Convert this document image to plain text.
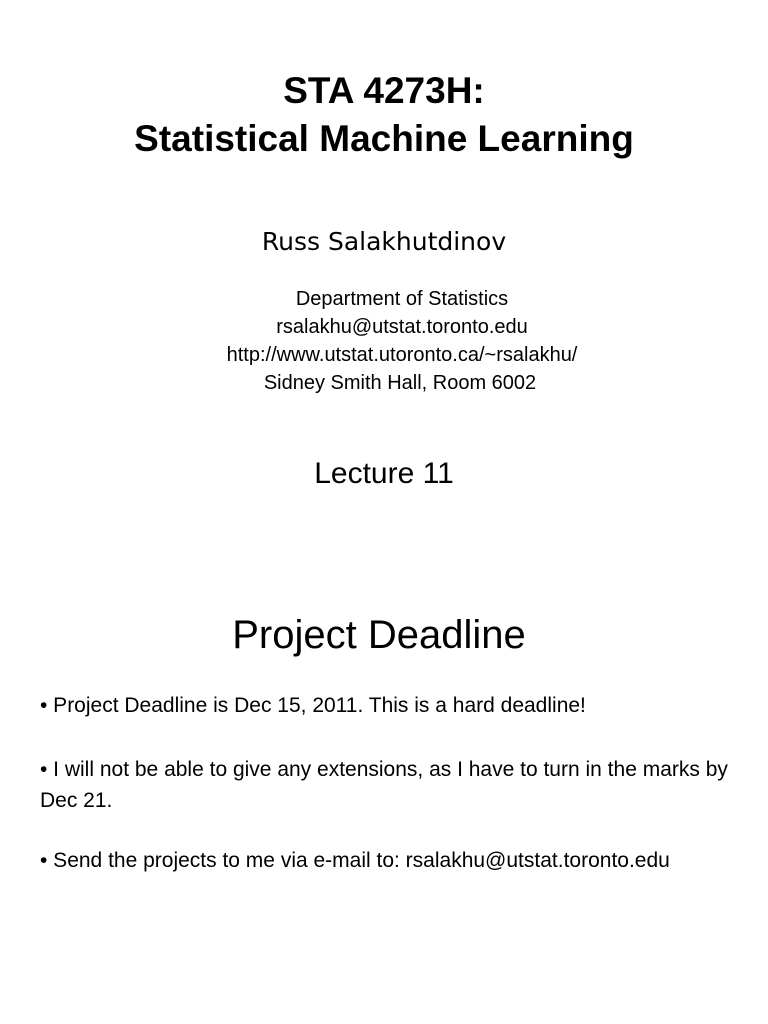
STA 4273H:
Statistical Machine Learning
Russ Salakhutdinov
Department of Statistics
rsalakhu@utstat.toronto.edu
http://www.utstat.utoronto.ca/~rsalakhu/
Sidney Smith Hall, Room 6002
Lecture 11
Project Deadline
• Project Deadline is Dec 15, 2011. This is a hard deadline!
• I will not be able to give any extensions, as I have to turn in the marks by Dec 21.
• Send the projects to me via e-mail to: rsalakhu@utstat.toronto.edu
